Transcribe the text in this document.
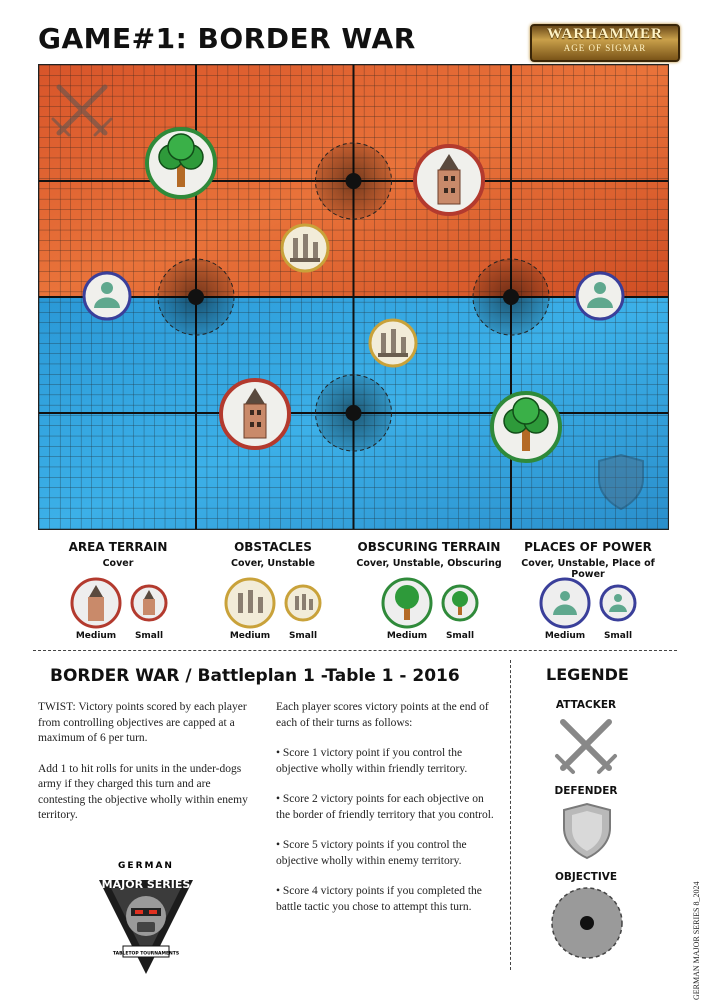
GAME#1: BORDER WAR	WARHAMMER
AGE OF SIGMAR
AREA TERRAIN
Cover
OBSTACLES
Cover, Unstable
OBSCURING TERRAIN
Cover, Unstable, Obscuring
PLACES OF POWER
Cover, Unstable, Place of Power
Medium	Small	Medium	Small	Medium	Small	Medium	Small
BORDER WAR / Battleplan 1 -Table 1 - 2016

TWIST: Victory points scored by each player from controlling objectives are capped at a maximum of 6 per turn.

Add 1 to hit rolls for units in the under-dogs army if they charged this turn and are contesting the objective wholly within enemy territory.

Each player scores victory points at the end of each of their turns as follows:

• Score 1 victory point if you control the objective wholly within friendly territory.

• Score 2 victory points for each objective on the border of friendly territory that you control.

• Score 5 victory points if you control the objective wholly within enemy territory.

• Score 4 victory points if you completed the battle tactic you chose to attempt this turn.

GERMAN
MAJOR SERIES
TABLETOP TOURNAMENTS
LEGENDE
ATTACKER
DEFENDER
OBJECTIVE
GERMAN MAJOR SERIES 8_2024
